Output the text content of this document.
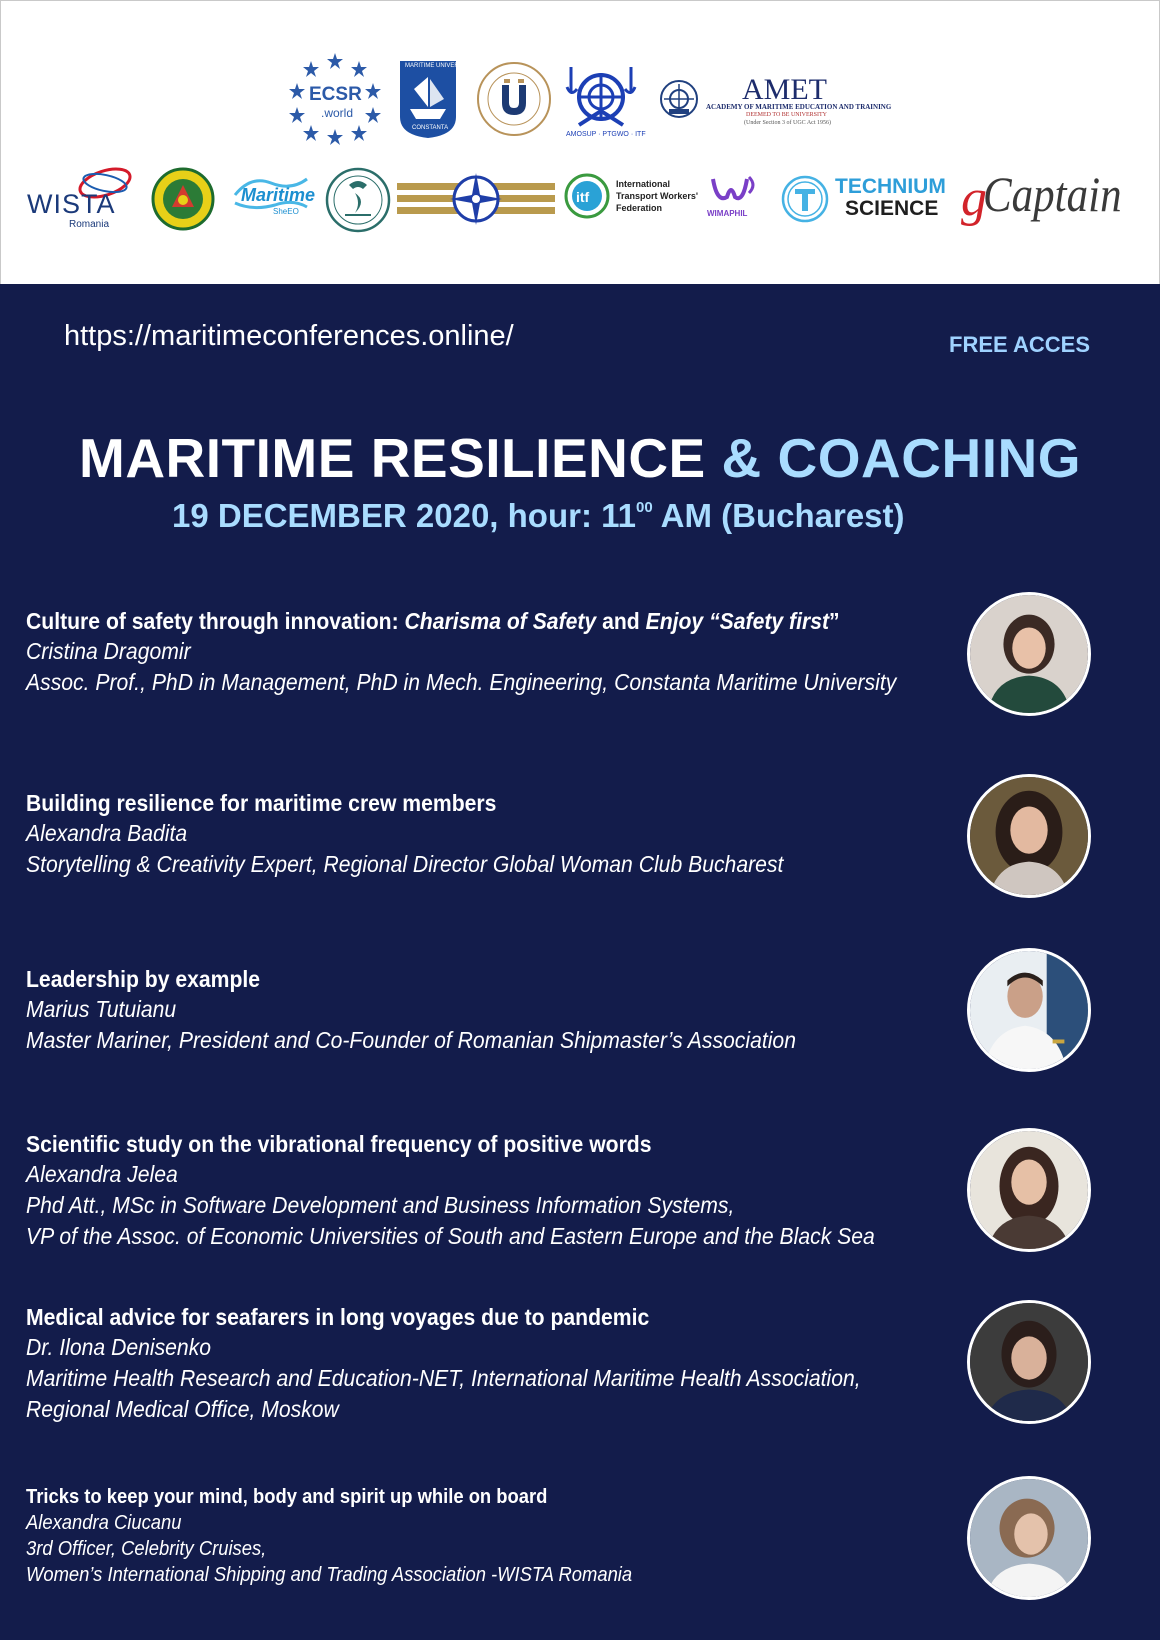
ECSR
.world
MARITIME UNIVERSITY
CONSTANTA
AMOSUP · PTGWO · ITF
AMET
ACADEMY OF MARITIME EDUCATION AND TRAINING
DEEMED TO BE UNIVERSITY
(Under Section 3 of UGC Act 1956)
WISTA
Romania
Maritime
SheEO
itf
International
Transport Workers'
Federation
WIMAPHIL
TECHNIUM
SCIENCE g
Captain
https://maritimeconferences.online/	FREE ACCES
MARITIME RESILIENCE & COACHING
19 DECEMBER 2020, hour: $11^{00}$ AM (Bucharest)
Culture of safety through innovation: Charisma of Safety and Enjoy “Safety first”
Cristina Dragomir
Assoc. Prof., PhD in Management, PhD in Mech. Engineering, Constanta Maritime University
Building resilience for maritime crew members
Alexandra Badita
Storytelling & Creativity Expert, Regional Director Global Woman Club Bucharest
Leadership by example
Marius Tutuianu
Master Mariner, President and Co-Founder of Romanian Shipmaster’s Association
Scientific study on the vibrational frequency of positive words
Alexandra Jelea
Phd Att., MSc in Software Development and Business Information Systems,
VP of the Assoc. of Economic Universities of South and Eastern Europe and the Black Sea
Medical advice for seafarers in long voyages due to pandemic
Dr. Ilona Denisenko
Maritime Health Research and Education-NET, International Maritime Health Association,
Regional Medical Office, Moskow
Tricks to keep your mind, body and spirit up while on board
Alexandra Ciucanu
3rd Officer, Celebrity Cruises,
Women’s International Shipping and Trading Association -WISTA Romania
